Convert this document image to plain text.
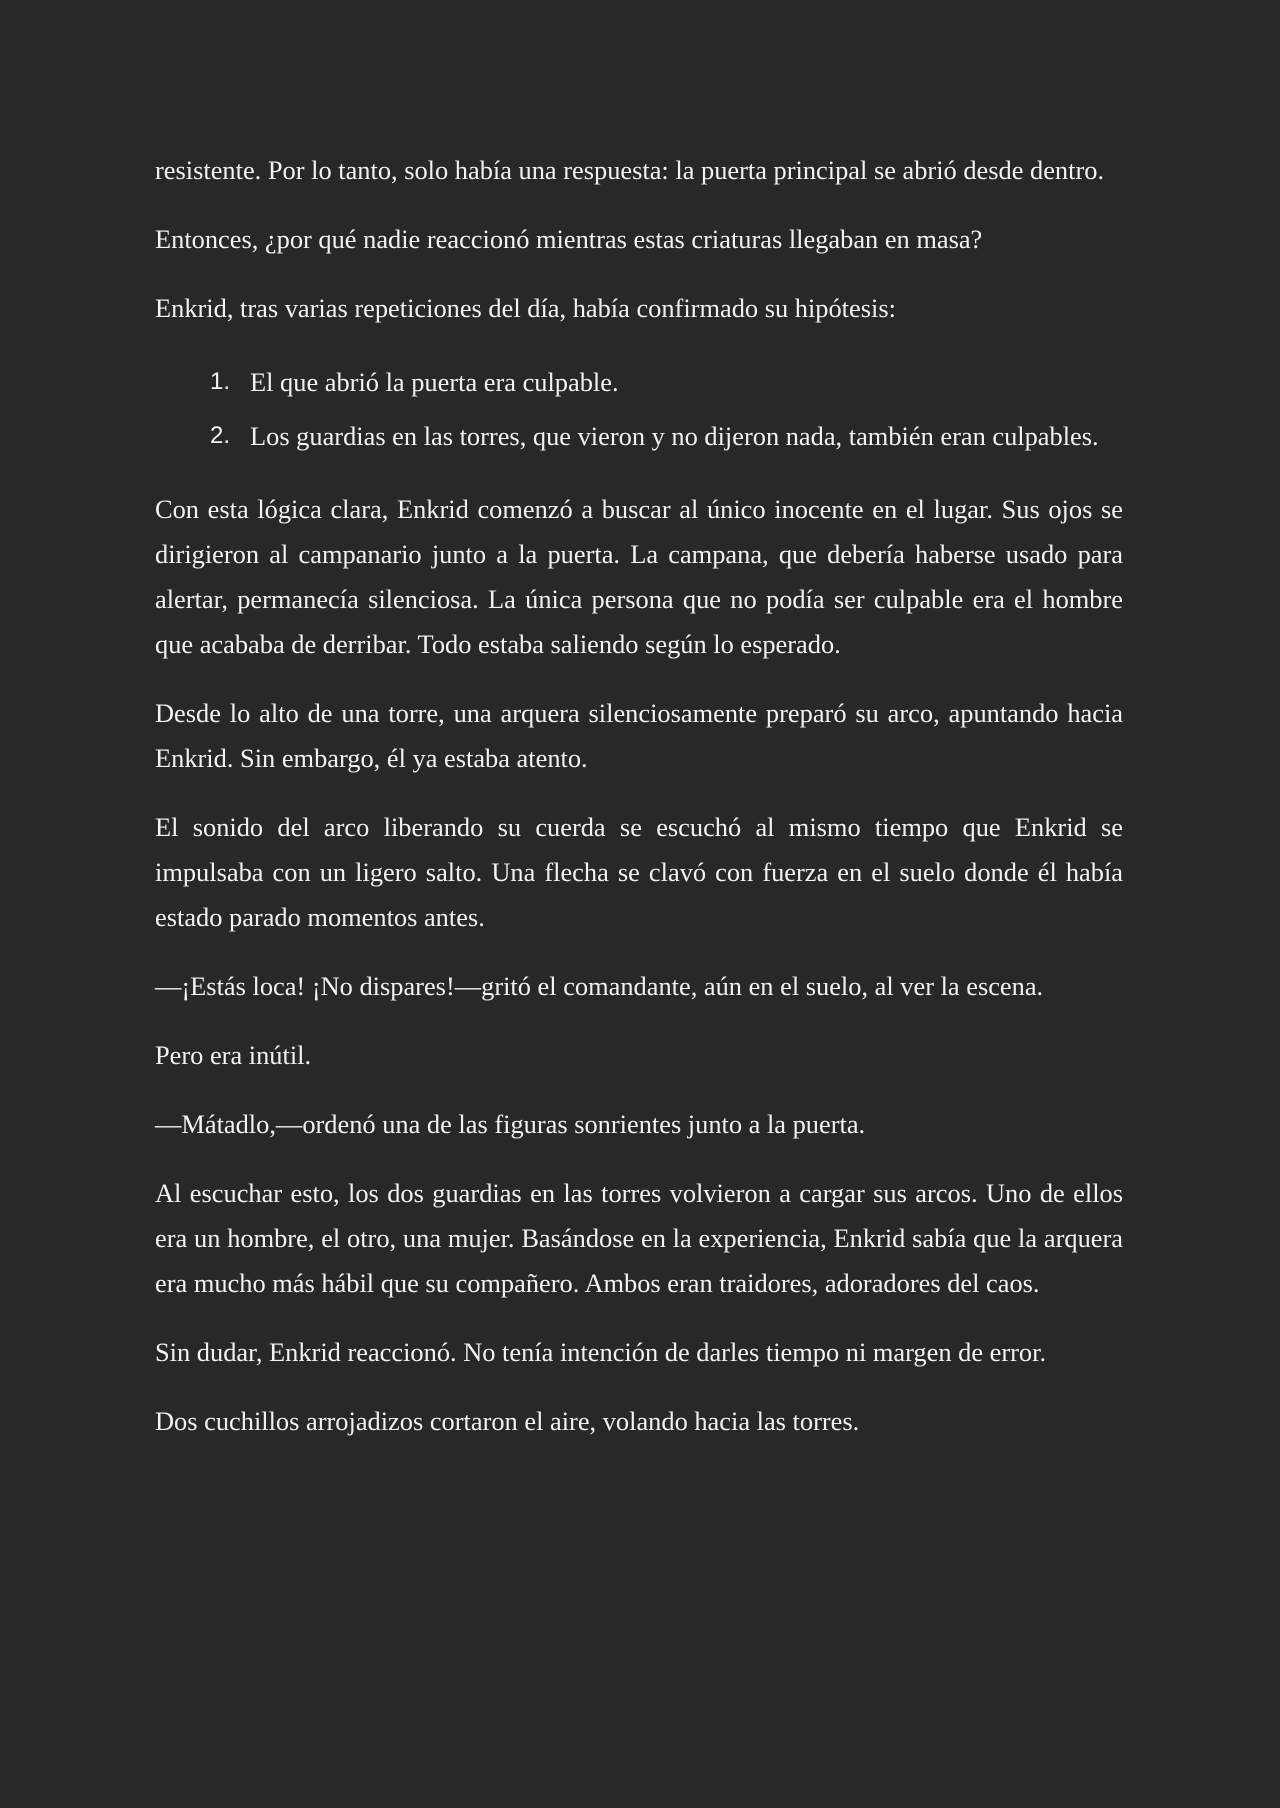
resistente. Por lo tanto, solo había una respuesta: la puerta principal se abrió desde dentro.

Entonces, ¿por qué nadie reaccionó mientras estas criaturas llegaban en masa?

Enkrid, tras varias repeticiones del día, había confirmado su hipótesis:

1. El que abrió la puerta era culpable.
2. Los guardias en las torres, que vieron y no dijeron nada, también eran culpables.

Con esta lógica clara, Enkrid comenzó a buscar al único inocente en el lugar. Sus ojos se dirigieron al campanario junto a la puerta. La campana, que debería haberse usado para alertar, permanecía silenciosa. La única persona que no podía ser culpable era el hombre que acababa de derribar. Todo estaba saliendo según lo esperado.

Desde lo alto de una torre, una arquera silenciosamente preparó su arco, apuntando hacia Enkrid. Sin embargo, él ya estaba atento.

El sonido del arco liberando su cuerda se escuchó al mismo tiempo que Enkrid se impulsaba con un ligero salto. Una flecha se clavó con fuerza en el suelo donde él había estado parado momentos antes.

—¡Estás loca! ¡No dispares!—gritó el comandante, aún en el suelo, al ver la escena.

Pero era inútil.

—Mátadlo,—ordenó una de las figuras sonrientes junto a la puerta.

Al escuchar esto, los dos guardias en las torres volvieron a cargar sus arcos. Uno de ellos era un hombre, el otro, una mujer. Basándose en la experiencia, Enkrid sabía que la arquera era mucho más hábil que su compañero. Ambos eran traidores, adoradores del caos.

Sin dudar, Enkrid reaccionó. No tenía intención de darles tiempo ni margen de error.

Dos cuchillos arrojadizos cortaron el aire, volando hacia las torres.
